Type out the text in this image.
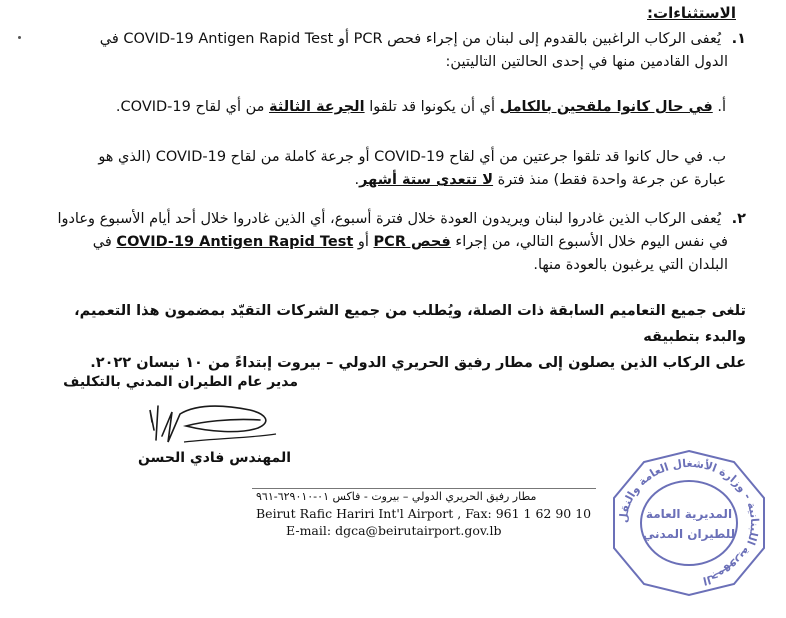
الاستثناءات:
١. يُعفى الركاب الراغبين بالقدوم إلى لبنان من إجراء فحص PCR أو COVID-19 Antigen Rapid Test في
الدول القادمين منها في إحدى الحالتين التاليتين:
أ. في حال كانوا ملقحين بالكامل أي أن يكونوا قد تلقوا الجرعة الثالثة من أي لقاح COVID-19.
ب. في حال كانوا قد تلقوا جرعتين من أي لقاح COVID-19 أو جرعة كاملة من لقاح COVID-19 (الذي هو
عبارة عن جرعة واحدة فقط) منذ فترة لا تتعدى ستة أشهر.
٢. يُعفى الركاب الذين غادروا لبنان ويريدون العودة خلال فترة أسبوع، أي الذين غادروا خلال أحد أيام الأسبوع وعادوا
في نفس اليوم خلال الأسبوع التالي، من إجراء فحص PCR أو COVID-19 Antigen Rapid Test في
البلدان التي يرغبون بالعودة منها.
تلغى جميع التعاميم السابقة ذات الصلة، ويُطلب من جميع الشركات التقيّد بمضمون هذا التعميم، والبدء بتطبيقه
على الركاب الذين يصلون إلى مطار رفيق الحريري الدولي – بيروت إبتداءً من ١٠ نيسان ٢٠٢٢.
مدير عام الطيران المدني بالتكليف
المهندس فادي الحسن
مطار رفيق الحريري الدولي – بيروت - فاكس ٠١-٦٢٩٠١٠-٩٦١
Beirut Rafic Hariri Int'l Airport , Fax: 961 1 62 90 10
E-mail: dgca@beirutairport.gov.lb
الجمهورية اللبنانية - وزارة الأشغال العامة والنقل
المديرية العامة
للطيران المدني
